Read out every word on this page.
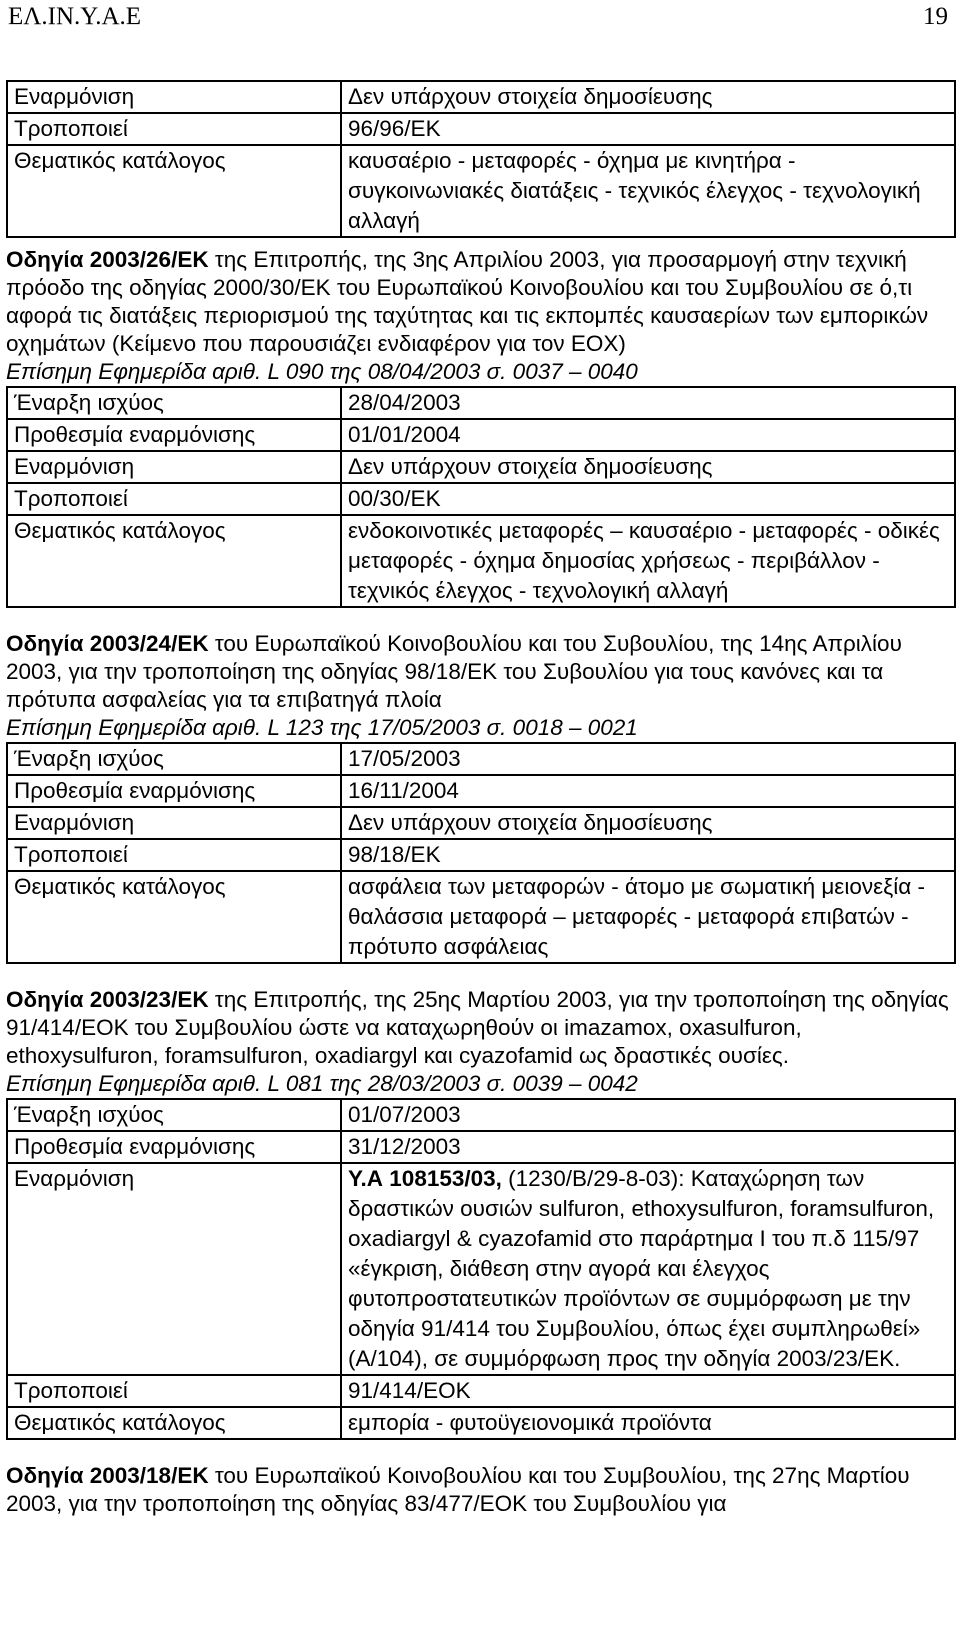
ΕΛ.ΙΝ.Υ.Α.Ε	19
Εναρμόνιση	Δεν υπάρχουν στοιχεία δημοσίευσης
Τροποποιεί	96/96/ΕΚ
Θεματικός κατάλογος	καυσαέριο - μεταφορές - όχημα με κινητήρα - συγκοινωνιακές διατάξεις - τεχνικός έλεγχος - τεχνολογική αλλαγή

Οδηγία 2003/26/ΕΚ της Επιτροπής, της 3ης Απριλίου 2003, για προσαρμογή στην τεχνική πρόοδο της οδηγίας 2000/30/ΕΚ του Ευρωπαϊκού Κοινοβουλίου και του Συμβουλίου σε ό,τι αφορά τις διατάξεις περιορισμού της ταχύτητας και τις εκπομπές καυσαερίων των εμπορικών οχημάτων (Κείμενο που παρουσιάζει ενδιαφέρον για τον ΕΟΧ)

Επίσημη Εφημερίδα αριθ. L 090 της 08/04/2003 σ. 0037 – 0040

Έναρξη ισχύος	28/04/2003
Προθεσμία εναρμόνισης	01/01/2004
Εναρμόνιση	Δεν υπάρχουν στοιχεία δημοσίευσης
Τροποποιεί	00/30/ΕΚ
Θεματικός κατάλογος	ενδοκοινοτικές μεταφορές – καυσαέριο - μεταφορές - οδικές μεταφορές - όχημα δημοσίας χρήσεως - περιβάλλον - τεχνικός έλεγχος - τεχνολογική αλλαγή

Οδηγία 2003/24/ΕΚ του Ευρωπαϊκού Κοινοβουλίου και του Συβουλίου, της 14ης Απριλίου 2003, για την τροποποίηση της οδηγίας 98/18/ΕΚ του Συβουλίου για τους κανόνες και τα πρότυπα ασφαλείας για τα επιβατηγά πλοία

Επίσημη Εφημερίδα αριθ. L 123 της 17/05/2003 σ. 0018 – 0021

Έναρξη ισχύος	17/05/2003
Προθεσμία εναρμόνισης	16/11/2004
Εναρμόνιση	Δεν υπάρχουν στοιχεία δημοσίευσης
Τροποποιεί	98/18/ΕΚ
Θεματικός κατάλογος	ασφάλεια των μεταφορών - άτομο με σωματική μειονεξία - θαλάσσια μεταφορά – μεταφορές - μεταφορά επιβατών - πρότυπο ασφάλειας

Οδηγία 2003/23/ΕΚ της Επιτροπής, της 25ης Μαρτίου 2003, για την τροποποίηση της οδηγίας 91/414/ΕΟΚ του Συμβουλίου ώστε να καταχωρηθούν οι imazamox, oxasulfuron, ethoxysulfuron, foramsulfuron, oxadiargyl και cyazofamid ως δραστικές ουσίες.

Επίσημη Εφημερίδα αριθ. L 081 της 28/03/2003 σ. 0039 – 0042

Έναρξη ισχύος	01/07/2003
Προθεσμία εναρμόνισης	31/12/2003
Εναρμόνιση	Υ.Α 108153/03, (1230/Β/29-8-03): Καταχώρηση των δραστικών ουσιών sulfuron, ethoxysulfuron, foramsulfuron, oxadiargyl & cyazofamid στο παράρτημα Ι του π.δ 115/97 «έγκριση, διάθεση στην αγορά και έλεγχος φυτοπροστατευτικών προϊόντων σε συμμόρφωση με την οδηγία 91/414 του Συμβουλίου, όπως έχει συμπληρωθεί» (Α/104), σε συμμόρφωση προς την οδηγία 2003/23/ΕΚ.
Τροποποιεί	91/414/ΕΟΚ
Θεματικός κατάλογος	εμπορία - φυτοϋγειονομικά προϊόντα

Οδηγία 2003/18/ΕΚ του Ευρωπαϊκού Κοινοβουλίου και του Συμβουλίου, της 27ης Μαρτίου 2003, για την τροποποίηση της οδηγίας 83/477/ΕΟΚ του Συμβουλίου για
